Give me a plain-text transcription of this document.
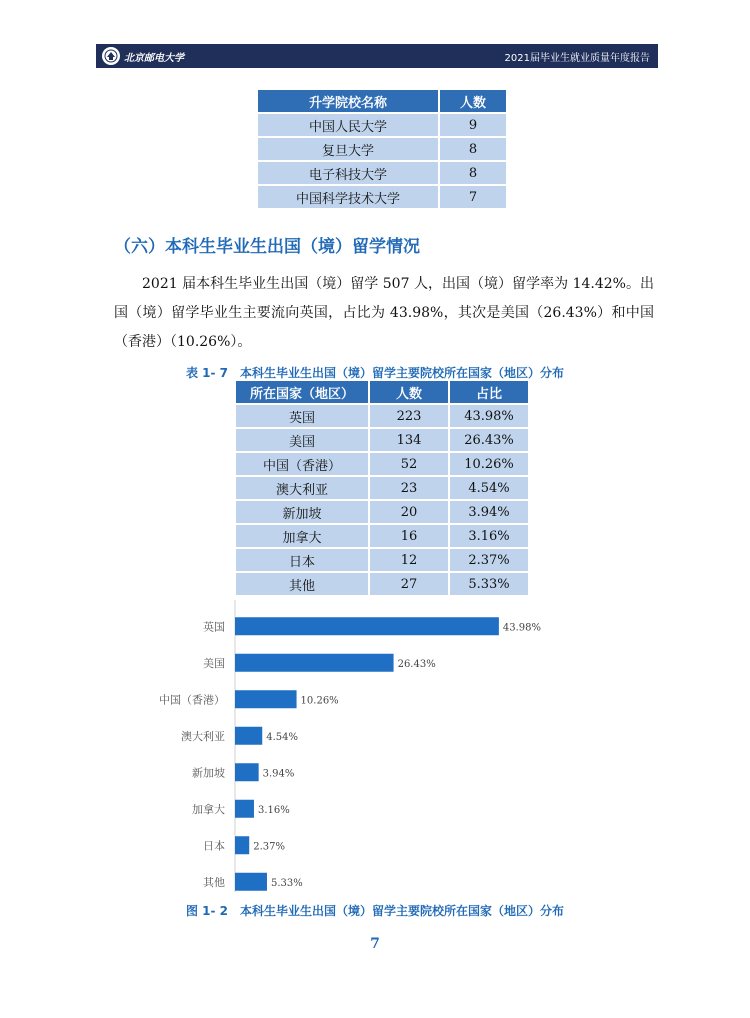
北京邮电大学	2021届毕业生就业质量年度报告
升学院校名称	人数
中国人民大学	9
复旦大学	8
电子科技大学	8
中国科学技术大学	7
（六）本科生毕业生出国（境）留学情况

2021 届本科生毕业生出国（境）留学 507 人，出国（境）留学率为 14.42%。出国（境）留学毕业生主要流向英国，占比为 43.98%，其次是美国（26.43%）和中国（香港）（10.26%）。

表 1- 7　本科生毕业生出国（境）留学主要院校所在国家（地区）分布
所在国家（地区）	人数	占比
英国	223	43.98%
美国	134	26.43%
中国（香港）	52	10.26%
澳大利亚	23	4.54%
新加坡	20	3.94%
加拿大	16	3.16%
日本	12	2.37%
其他	27	5.33%
英国	43.98%
美国	26.43%
中国（香港）	10.26%
澳大利亚	4.54%
新加坡	3.94%
加拿大	3.16%
日本	2.37%
其他	5.33%
图 1- 2　本科生毕业生出国（境）留学主要院校所在国家（地区）分布
7
